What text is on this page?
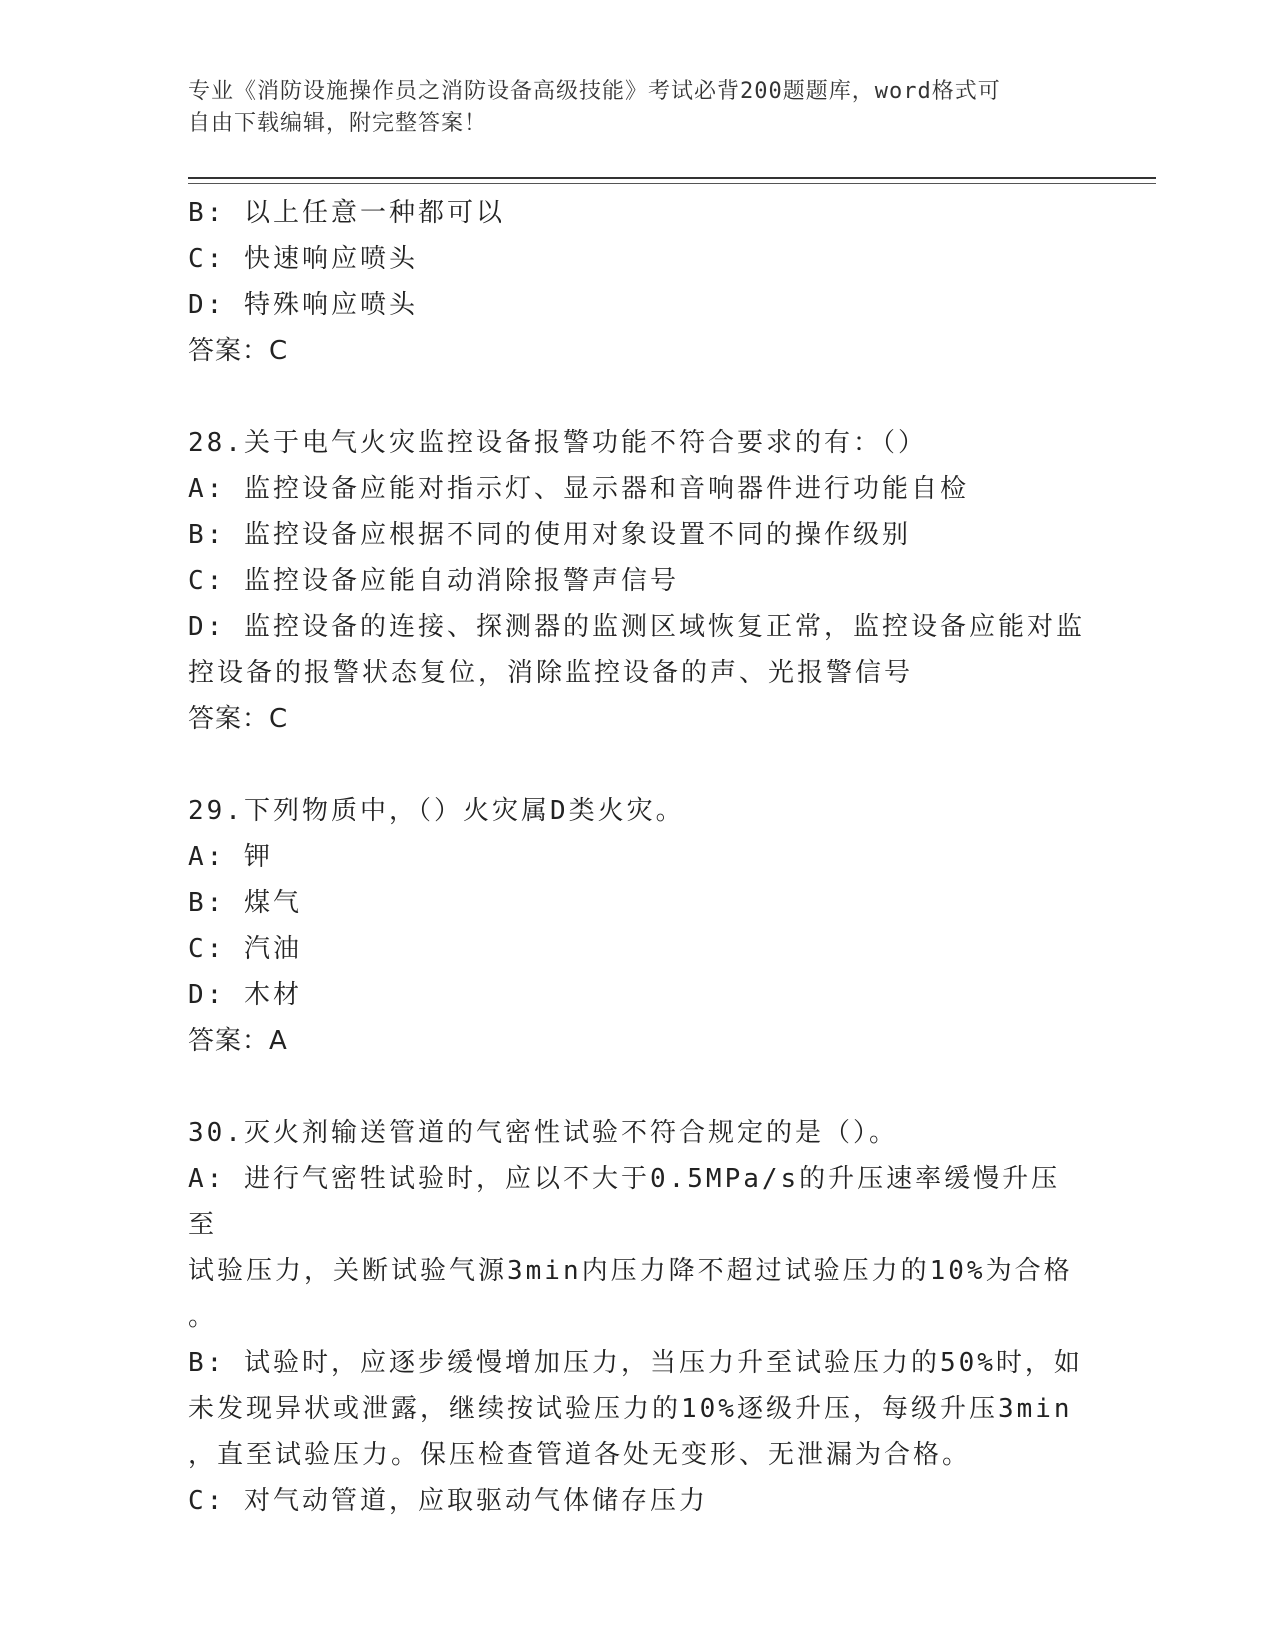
专业《消防设施操作员之消防设备高级技能》考试必背200题题库，word格式可
自由下载编辑，附完整答案！
B: 以上任意一种都可以
C: 快速响应喷头
D: 特殊响应喷头
答案：C
28.关于电气火灾监控设备报警功能不符合要求的有：（）
A: 监控设备应能对指示灯、显示器和音响器件进行功能自检
B: 监控设备应根据不同的使用对象设置不同的操作级别
C: 监控设备应能自动消除报警声信号
D: 监控设备的连接、探测器的监测区域恢复正常，监控设备应能对监
控设备的报警状态复位，消除监控设备的声、光报警信号
答案：C
29.下列物质中，（）火灾属D类火灾。
A: 钾
B: 煤气
C: 汽油
D: 木材
答案：A
30.灭火剂输送管道的气密性试验不符合规定的是（）。
A: 进行气密牲试验时，应以不大于0.5MPa/s的升压速率缓慢升压至
试验压力，关断试验气源3min内压力降不超过试验压力的10%为合格
。
B: 试验时，应逐步缓慢增加压力，当压力升至试验压力的50%时，如
未发现异状或泄露，继续按试验压力的10%逐级升压，每级升压3min
，直至试验压力。保压检查管道各处无变形、无泄漏为合格。
C: 对气动管道，应取驱动气体储存压力
